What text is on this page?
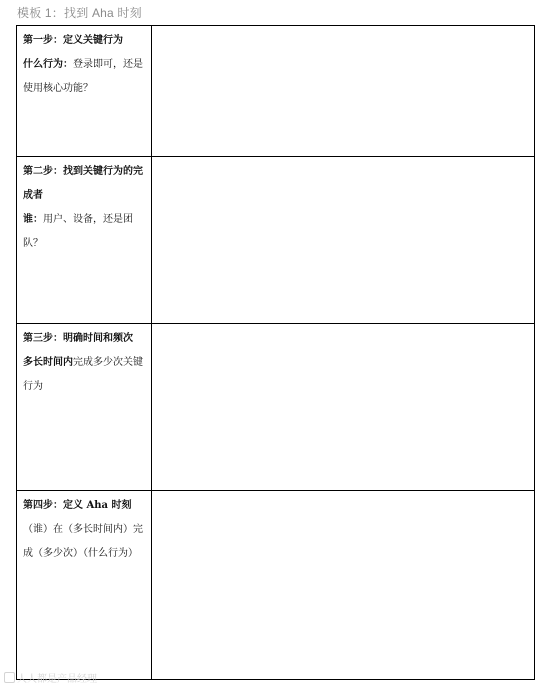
模板 1：找到 Aha 时刻
第一步：定义关键行为
什么行为：登录即可，还是使用核心功能？
第二步：找到关键行为的完成者
谁：用户、设备，还是团队？
第三步：明确时间和频次
多长时间内完成多少次关键行为
第四步：定义 Aha 时刻
（谁）在（多长时间内）完成（多少次）（什么行为）
人人都是产品经理
